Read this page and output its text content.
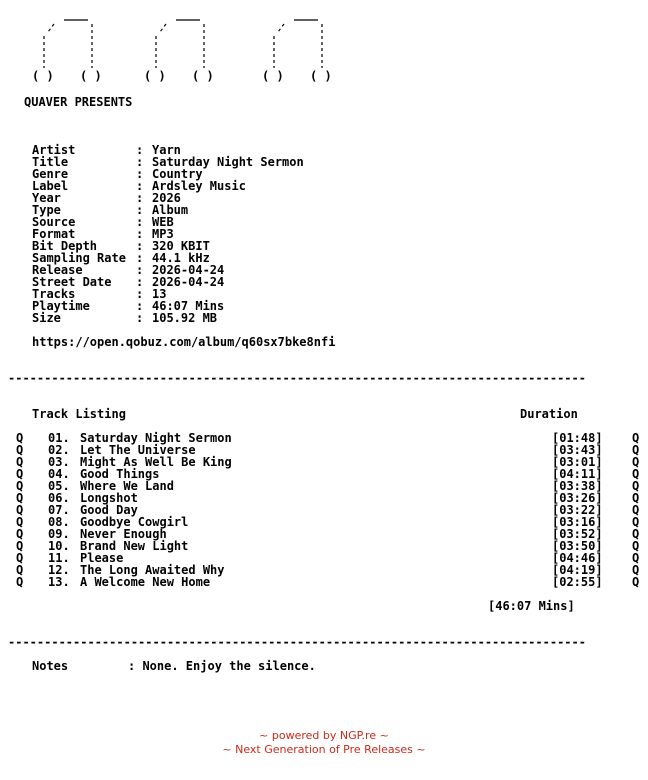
( ) ( )	( ) ( )	( ) ( )
QUAVER PRESENTS
Artist	: Yarn
Title	: Saturday Night Sermon
Genre	: Country
Label	: Ardsley Music
Year	: 2026
Type	: Album
Source	: WEB
Format	: MP3
Bit Depth	: 320 KBIT
Sampling Rate : 44.1 kHz
Release	: 2026-04-24
Street Date : 2026-04-24
Tracks	: 13
Playtime	: 46:07 Mins
Size	: 105.92 MB
https://open.qobuz.com/album/q60sx7bke8nfi
--------------------------------------------------------------------------------
Track Listing	Duration
Q 01. Saturday Night Sermon	[01:48] Q
Q 02. Let The Universe	[03:43] Q
Q 03. Might As Well Be King	[03:01] Q
Q 04. Good Things	[04:11] Q
Q 05. Where We Land	[03:38] Q
Q 06. Longshot	[03:26] Q
Q 07. Good Day	[03:22] Q
Q 08. Goodbye Cowgirl	[03:16] Q
Q 09. Never Enough	[03:52] Q
Q 10. Brand New Light	[03:50] Q
Q 11. Please	[04:46] Q
Q 12. The Long Awaited Why	[04:19] Q
Q 13. A Welcome New Home	[02:55] Q
[46:07 Mins]
--------------------------------------------------------------------------------
Notes	: None. Enjoy the silence.
~ powered by NGP.re ~
~ Next Generation of Pre Releases ~
